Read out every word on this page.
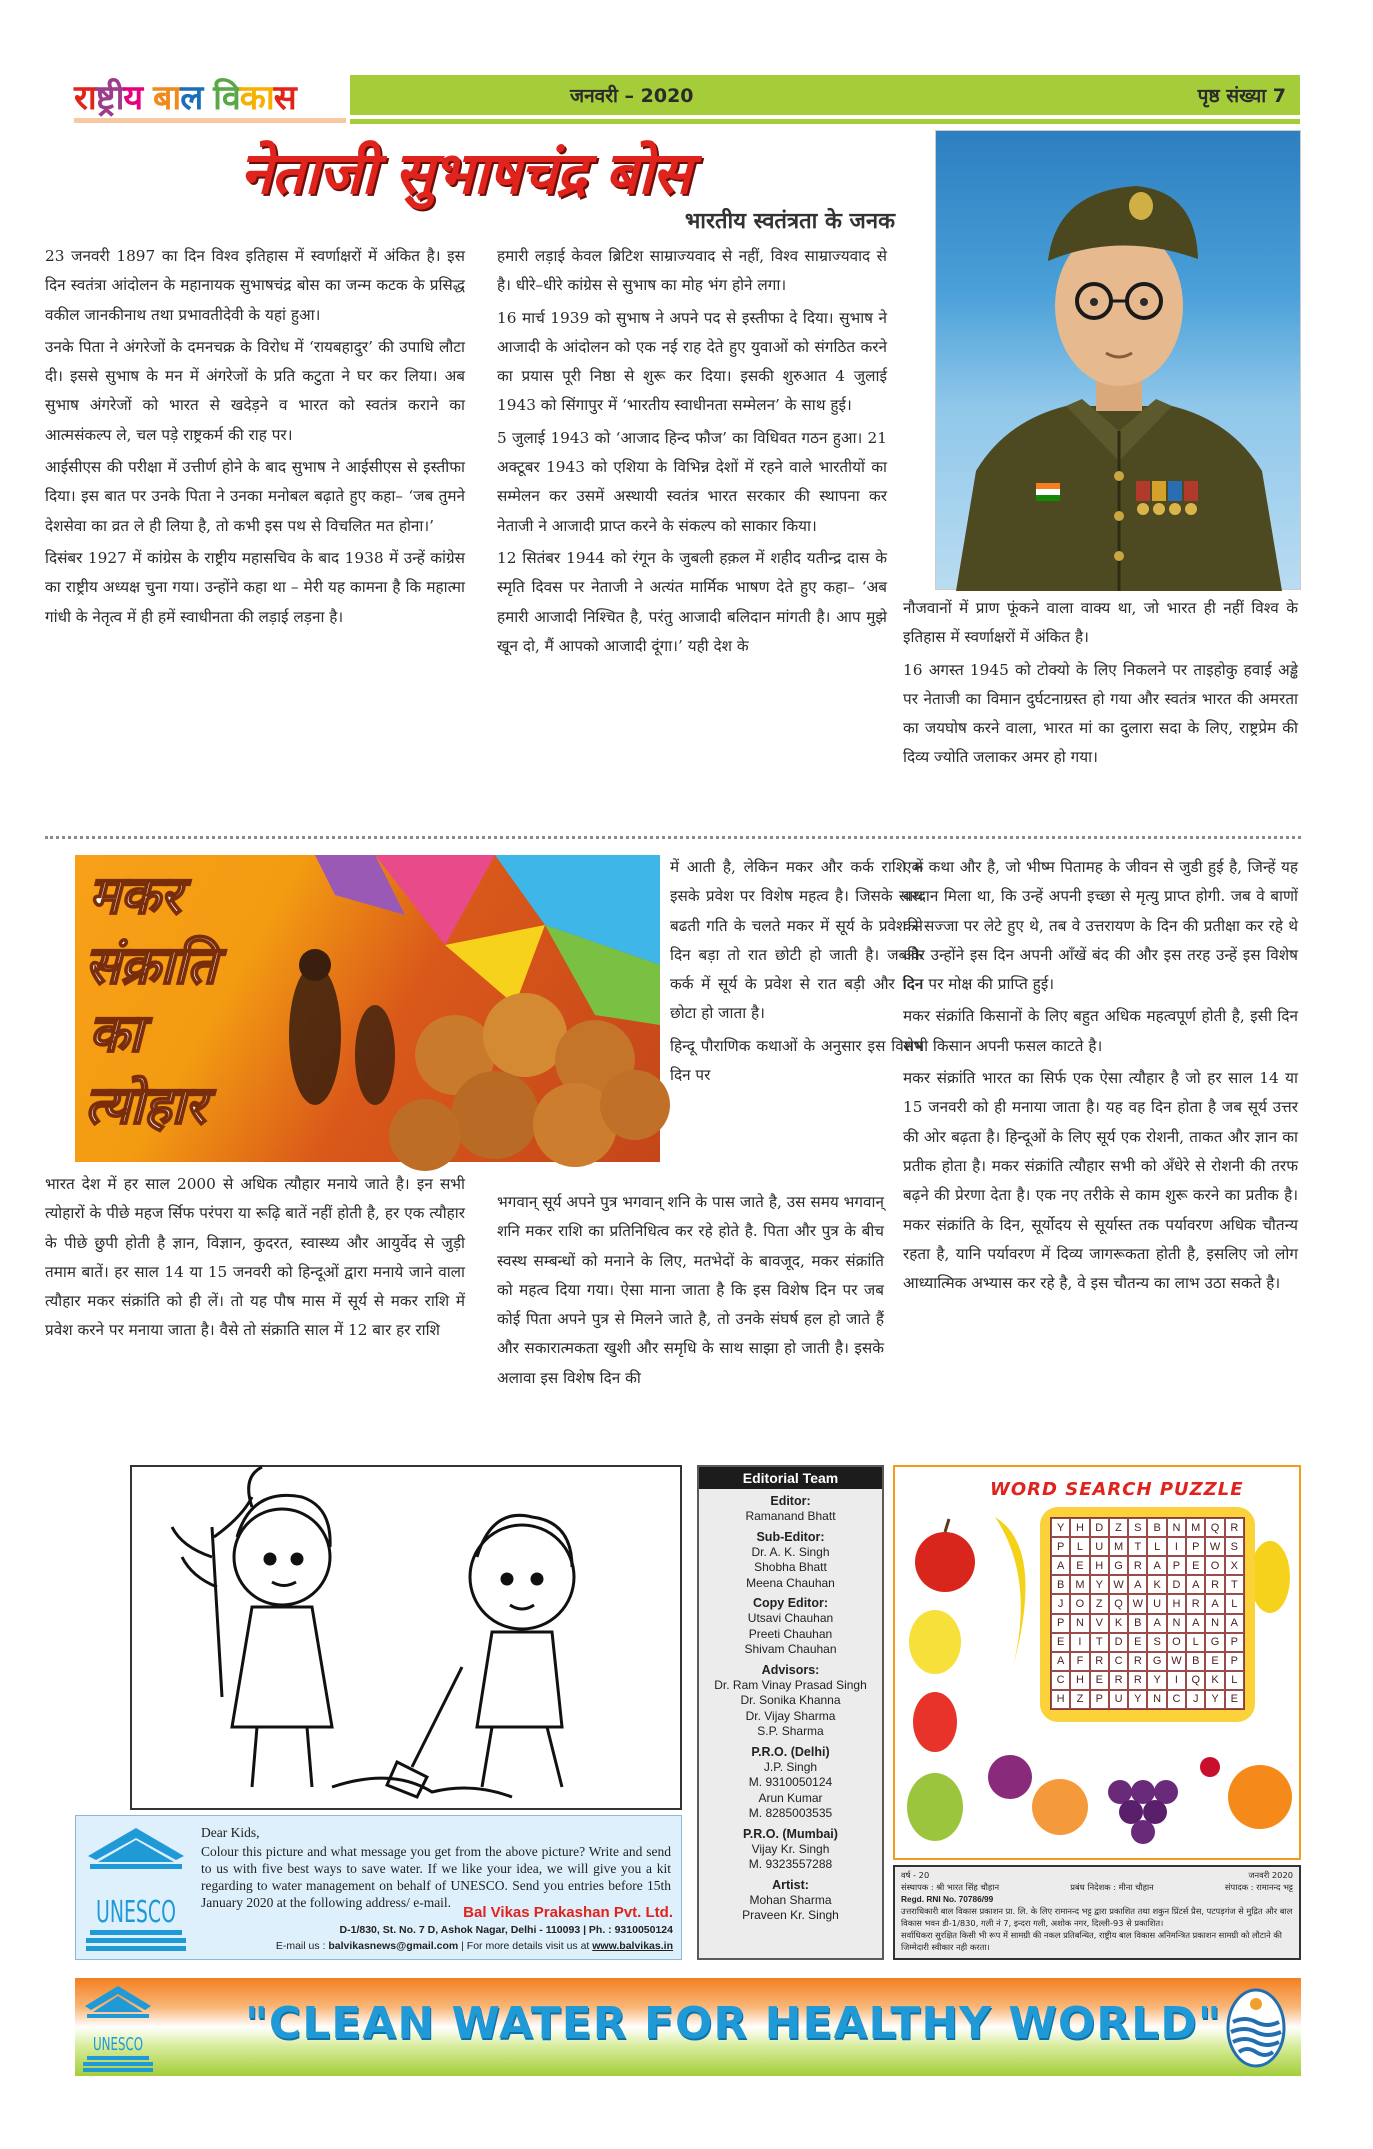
राष्ट्रीय बाल विकास	जनवरी – 2020	पृष्ठ संख्या 7
नेताजी सुभाषचंद्र बोस
भारतीय स्वतंत्रता के जनक

23 जनवरी 1897 का दिन विश्व इतिहास में स्वर्णाक्षरों में अंकित है। इस दिन स्वतंत्रा आंदोलन के महानायक सुभाषचंद्र बोस का जन्म कटक के प्रसिद्ध वकील जानकीनाथ तथा प्रभावतीदेवी के यहां हुआ।

उनके पिता ने अंगरेजों के दमनचक्र के विरोध में ‘रायबहादुर’ की उपाधि लौटा दी। इससे सुभाष के मन में अंगरेजों के प्रति कटुता ने घर कर लिया। अब सुभाष अंगरेजों को भारत से खदेड़ने व भारत को स्वतंत्र कराने का आत्मसंकल्प ले, चल पड़े राष्ट्रकर्म की राह पर।

आईसीएस की परीक्षा में उत्तीर्ण होने के बाद सुभाष ने आईसीएस से इस्तीफा दिया। इस बात पर उनके पिता ने उनका मनोबल बढ़ाते हुए कहा– ‘जब तुमने देशसेवा का व्रत ले ही लिया है, तो कभी इस पथ से विचलित मत होना।’

दिसंबर 1927 में कांग्रेस के राष्ट्रीय महासचिव के बाद 1938 में उन्हें कांग्रेस का राष्ट्रीय अध्यक्ष चुना गया। उन्होंने कहा था – मेरी यह कामना है कि महात्मा गांधी के नेतृत्व में ही हमें स्वाधीनता की लड़ाई लड़ना है।

हमारी लड़ाई केवल ब्रिटिश साम्राज्यवाद से नहीं, विश्व साम्राज्यवाद से है। धीरे–धीरे कांग्रेस से सुभाष का मोह भंग होने लगा।

16 मार्च 1939 को सुभाष ने अपने पद से इस्तीफा दे दिया। सुभाष ने आजादी के आंदोलन को एक नई राह देते हुए युवाओं को संगठित करने का प्रयास पूरी निष्ठा से शुरू कर दिया। इसकी शुरुआत 4 जुलाई 1943 को सिंगापुर में ‘भारतीय स्वाधीनता सम्मेलन’ के साथ हुई।

5 जुलाई 1943 को ‘आजाद हिन्द फौज’ का विधिवत गठन हुआ। 21 अक्टूबर 1943 को एशिया के विभिन्न देशों में रहने वाले भारतीयों का सम्मेलन कर उसमें अस्थायी स्वतंत्र भारत सरकार की स्थापना कर नेताजी ने आजादी प्राप्त करने के संकल्प को साकार किया।

12 सितंबर 1944 को रंगून के जुबली हक़ल में शहीद यतीन्द्र दास के स्मृति दिवस पर नेताजी ने अत्यंत मार्मिक भाषण देते हुए कहा– ‘अब हमारी आजादी निश्चित है, परंतु आजादी बलिदान मांगती है। आप मुझे खून दो, मैं आपको आजादी दूंगा।’ यही देश के

नौजवानों में प्राण फूंकने वाला वाक्य था, जो भारत ही नहीं विश्व के इतिहास में स्वर्णाक्षरों में अंकित है।

16 अगस्त 1945 को टोक्यो के लिए निकलने पर ताइहोकु हवाई अड्ढे पर नेताजी का विमान दुर्घटनाग्रस्त हो गया और स्वतंत्र भारत की अमरता का जयघोष करने वाला, भारत मां का दुलारा सदा के लिए, राष्ट्रप्रेम की दिव्य ज्योति जलाकर अमर हो गया।

मकर
संक्राति
का
त्योहार

भारत देश में हर साल 2000 से अधिक त्यौहार मनाये जाते है। इन सभी त्योहारों के पीछे महज र्सिफ परंपरा या रूढ़ि बातें नहीं होती है, हर एक त्यौहार के पीछे छुपी होती है ज्ञान, विज्ञान, कुदरत, स्वास्थ्य और आयुर्वेद से जुड़ी तमाम बातें। हर साल 14 या 15 जनवरी को हिन्दूओं द्वारा मनाये जाने वाला त्यौहार मकर संक्रांति को ही लें। तो यह पौष मास में सूर्य से मकर राशि में प्रवेश करने पर मनाया जाता है। वैसे तो संक्राति साल में 12 बार हर राशि

में आती है, लेकिन मकर और कर्क राशि में इसके प्रवेश पर विशेष महत्व है। जिसके साथ बढती गति के चलते मकर में सूर्य के प्रवेश से दिन बड़ा तो रात छोटी हो जाती है। जबकि कर्क में सूर्य के प्रवेश से रात बड़ी और दिन छोटा हो जाता है।

हिन्दू पौराणिक कथाओं के अनुसार इस विशेष दिन पर

भगवान् सूर्य अपने पुत्र भगवान् शनि के पास जाते है, उस समय भगवान् शनि मकर राशि का प्रतिनिधित्व कर रहे होते है. पिता और पुत्र के बीच स्वस्थ सम्बन्धों को मनाने के लिए, मतभेदों के बावजूद, मकर संक्रांति को महत्व दिया गया। ऐसा माना जाता है कि इस विशेष दिन पर जब कोई पिता अपने पुत्र से मिलने जाते है, तो उनके संघर्ष हल हो जाते हैं और सकारात्मकता खुशी और समृधि के साथ साझा हो जाती है। इसके अलावा इस विशेष दिन की

एक कथा और है, जो भीष्म पितामह के जीवन से जुडी हुई है, जिन्हें यह वरदान मिला था, कि उन्हें अपनी इच्छा से मृत्यु प्राप्त होगी. जब वे बाणों की सज्जा पर लेटे हुए थे, तब वे उत्तरायण के दिन की प्रतीक्षा कर रहे थे और उन्होंने इस दिन अपनी आँखें बंद की और इस तरह उन्हें इस विशेष दिन पर मोक्ष की प्राप्ति हुई।

मकर संक्रांति किसानों के लिए बहुत अधिक महत्वपूर्ण होती है, इसी दिन सभी किसान अपनी फसल काटते है।

मकर संक्रांति भारत का सिर्फ एक ऐसा त्यौहार है जो हर साल 14 या 15 जनवरी को ही मनाया जाता है। यह वह दिन होता है जब सूर्य उत्तर की ओर बढ़ता है। हिन्दूओं के लिए सूर्य एक रोशनी, ताकत और ज्ञान का प्रतीक होता है। मकर संक्रांति त्यौहार सभी को अँधेरे से रोशनी की तरफ बढ़ने की प्रेरणा देता है। एक नए तरीके से काम शुरू करने का प्रतीक है। मकर संक्रांति के दिन, सूर्योदय से सूर्यास्त तक पर्यावरण अधिक चौतन्य रहता है, यानि पर्यावरण में दिव्य जागरूकता होती है, इसलिए जो लोग आध्यात्मिक अभ्यास कर रहे है, वे इस चौतन्य का लाभ उठा सकते है।

UNESCO
Dear Kids,
Colour this picture and what message you get from the above picture? Write and send to us with five best ways to save water. If we like your idea, we will give you a kit regarding to water management on behalf of UNESCO. Send you entries before 15th January 2020 at the following address/ e-mail.
Bal Vikas Prakashan Pvt. Ltd.
D-1/830, St. No. 7 D, Ashok Nagar, Delhi - 110093 | Ph. : 9310050124
E-mail us : balvikasnews@gmail.com | For more details visit us at www.balvikas.in
Editorial Team
Editor:
Ramanand Bhatt
Sub-Editor:
Dr. A. K. Singh
Shobha Bhatt
Meena Chauhan
Copy Editor:
Utsavi Chauhan
Preeti Chauhan
Shivam Chauhan
Advisors:
Dr. Ram Vinay Prasad Singh
Dr. Sonika Khanna
Dr. Vijay Sharma
S.P. Sharma
P.R.O. (Delhi)
J.P. Singh
M. 9310050124
Arun Kumar
M. 8285003535
P.R.O. (Mumbai)
Vijay Kr. Singh
M. 9323557288
Artist:
Mohan Sharma
Praveen Kr. Singh
WORD SEARCH PUZZLE
Y	H	D	Z	S	B	N M Q	R
P	L	U M	T	L	I	P W S
A	E	H	G	R	A	P	E	O	X
B	M	Y W A	K	D	A	R	T
J	O	Z	Q W U	H	R	A	L
P	N	V	K	B	A	N	A	N	A
E	I	T	D	E	S	O	L	G	P
A	F	R	C	R	G W B	E	P
C	H	E	R	R	Y	I	Q	K	L
H	Z	P	U	Y	N	C	J	Y	E
वर्ष - 20	जनवरी 2020
संस्थापक : श्री भारत सिंह चौहान	प्रबंध निदेशक : मीना चौहान	संपादक : रामानन्द भट्ट
Regd. RNI No. 70786/99
उत्तराधिकारी बाल विकास प्रकाशन प्रा. लि. के लिए रामानन्द भट्ट द्वारा प्रकाशित तथा शकुन प्रिंटर्स प्रैस, पटपड़गंज से मुद्रित और बाल विकास भवन डी-1/830, गली नं 7, इन्दरा गली, अशोक नगर, दिल्ली-93 से प्रकाशित।
सर्वाधिकरा सुरक्षित किसी भी रूप में सामग्री की नकल प्रतिबन्धित, राष्ट्रीय बाल विकास अनिमन्त्रित प्रकाशन सामग्री को लौटाने की जिम्मेदारी स्वीकार नही करता।
UNESCO "CLEAN WATER FOR HEALTHY WORLD"
